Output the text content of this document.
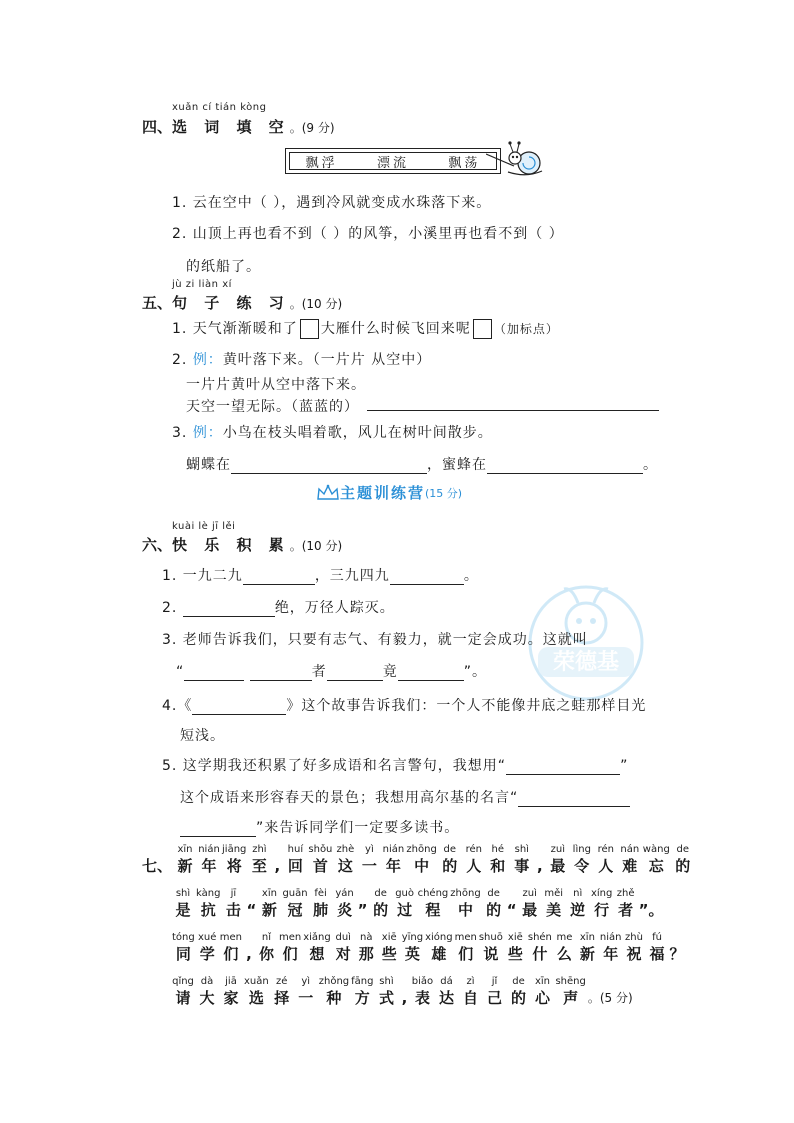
xuǎn cí tián kòng
四、选 词 填 空。(9 分)
飘浮	漂流	飘荡
1. 云在空中（ ），遇到冷风就变成水珠落下来。
2. 山顶上再也看不到（ ）的风筝，小溪里再也看不到（ ）
的纸船了。
jù zi liàn xí
五、句 子 练 习。(10 分)
1. 天气渐渐暖和了 大雁什么时候飞回来呢 （加标点）
2. 例：黄叶落下来。（一片片 从空中）
一片片黄叶从空中落下来。
天空一望无际。（蓝蓝的）
3. 例：小鸟在枝头唱着歌，风儿在树叶间散步。
蝴蝶在	，蜜蜂在	。
主题训练营 (15 分)
荣德基
kuài lè jī lěi
六、快 乐 积 累。(10 分)
1. 一九二九	，三九四九	。
2.	绝，万径人踪灭。
3. 老师告诉我们，只要有志气、有毅力，就一定会成功。这就叫
“	者	竟	”。
4.《	》这个故事告诉我们：一个人不能像井底之蛙那样目光
短浅。
5. 这学期我还积累了好多成语和名言警句，我想用“	”
这个成语来形容春天的景色；我想用高尔基的名言“
”来告诉同学们一定要多读书。
七、
xīn
新
nián
年
jiāng
将
zhì
至 ,
huí
回
shǒu
首
zhè
这
yì
一
nián
年
zhōng
中
de
的
rén
人
hé
和
shì
事 ,
zuì
最
lìng
令
rén
人
nán
难
wàng
忘
de
的
shì
是
kàng
抗
jī
击 “
xīn
新
guān
冠
fèi
肺
yán
炎 ”
de
的
guò
过
chéng
程
zhōng
中
de
的 “
zuì
最
měi
美
nì
逆
xíng
行
zhě
者 ”。
tóng
同
xué
学
men
们 ,
nǐ
你
men
们
xiǎng
想
duì
对
nà
那
xiē
些
yīng
英
xióng
雄
men
们
shuō
说
xiē
些
shén
什
me
么
xīn
新
nián
年
zhù
祝
fú
福 ？
qǐng
请
dà
大
jiā
家
xuǎn
选
zé
择
yì
一
zhǒng
种
fāng
方
shì
式 ,
biǎo
表
dá
达
zì
自
jǐ
己
de
的
xīn
心
shēng
声 。(5 分)
